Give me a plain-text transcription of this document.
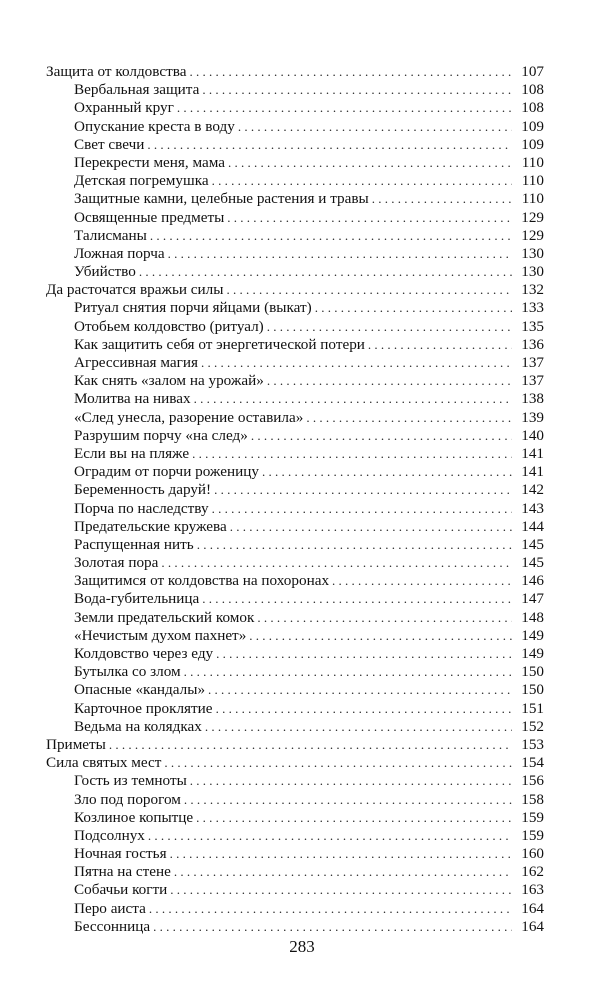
Защита от колдовства . . .	107
Вербальная защита . . .	108
Охранный круг . . .	108
Опускание креста в воду . . .	109
Свет свечи . . .	109
Перекрести меня, мама . . .	110
Детская погремушка . . .	110
Защитные камни, целебные растения и травы . . .	110
Освященные предметы . . .	129
Талисманы . . .	129
Ложная порча . . .	130
Убийство . . .	130
Да расточатся вражьи силы . . .	132
Ритуал снятия порчи яйцами (выкат) . . .	133
Отобьем колдовство (ритуал) . . .	135
Как защитить себя от энергетической потери . . .	136
Агрессивная магия . . .	137
Как снять «залом на урожай» . . .	137
Молитва на нивах . . .	138
«След унесла, разорение оставила» . . .	139
Разрушим порчу «на след» . . .	140
Если вы на пляже . . .	141
Оградим от порчи роженицу . . .	141
Беременность даруй! . . .	142
Порча по наследству . . .	143
Предательские кружева . . .	144
Распущенная нить . . .	145
Золотая пора . . .	145
Защитимся от колдовства на похоронах . . .	146
Вода-губительница . . .	147
Земли предательский комок . . .	148
«Нечистым духом пахнет» . . .	149
Колдовство через еду . . .	149
Бутылка со злом . . .	150
Опасные «кандалы» . . .	150
Карточное проклятие . . .	151
Ведьма на колядках . . .	152
Приметы . . .	153
Сила святых мест . . .	154
Гость из темноты . . .	156
Зло под порогом . . .	158
Козлиное копытце . . .	159
Подсолнух . . .	159
Ночная гостья . . .	160
Пятна на стене . . .	162
Собачьи когти . . .	163
Перо аиста . . .	164
Бессонница . . .	164
283
